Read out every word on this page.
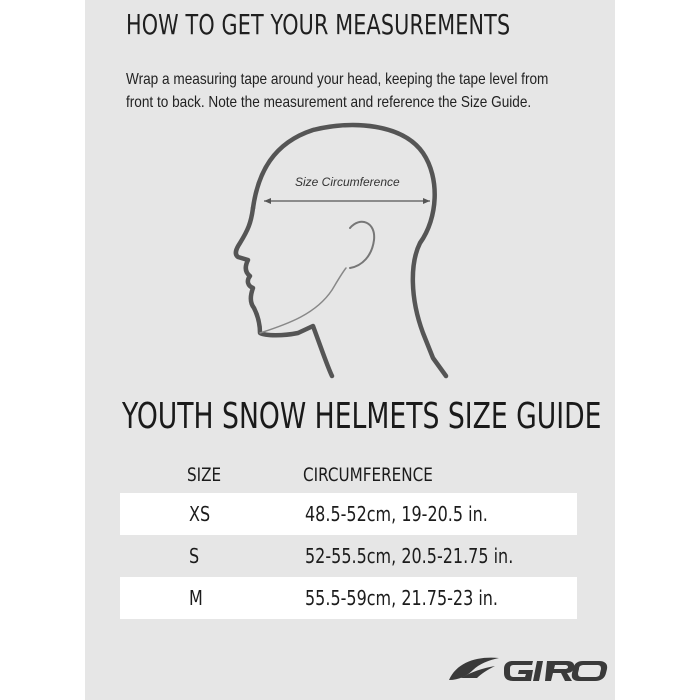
HOW TO GET YOUR MEASUREMENTS

Wrap a measuring tape around your head, keeping the tape level from
front to back. Note the measurement and reference the Size Guide.

Size Circumference
YOUTH SNOW HELMETS SIZE GUIDE
SIZE	CIRCUMFERENCE
XS	48.5-52cm, 19-20.5 in.
S	52-55.5cm, 20.5-21.75 in.
M	55.5-59cm, 21.75-23 in.
